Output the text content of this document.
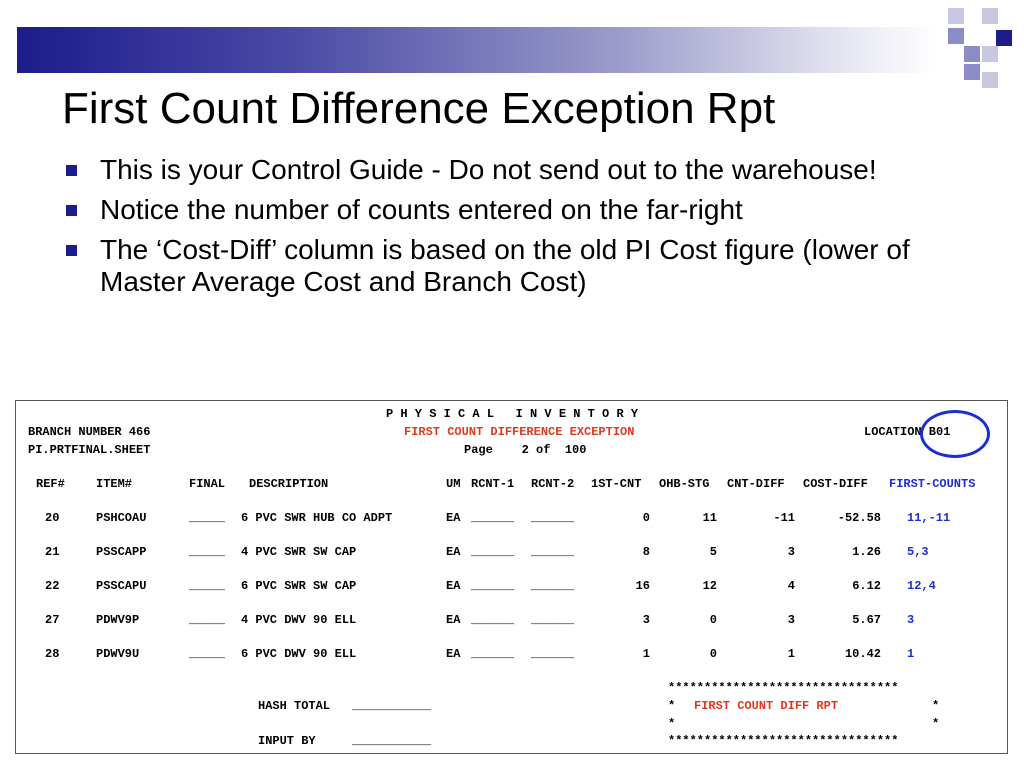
First Count Difference Exception Rpt
This is your Control Guide - Do not send out to the warehouse!
Notice the number of counts entered on the far-right
The ‘Cost-Diff’ column is based on the old PI Cost figure (lower of Master Average Cost and Branch Cost)
P H Y S I C A L   I N V E N T O R Y
BRANCH NUMBER 466	FIRST COUNT DIFFERENCE EXCEPTION	LOCATION B01
PI.PRTFINAL.SHEET	Page    2 of  100
REF#	ITEM#	FINAL DESCRIPTION	UM RCNT-1 RCNT-2 1ST-CNT OHB-STG CNT-DIFF COST-DIFF FIRST-COUNTS
20	PSHCOAU	_____ 6 PVC SWR HUB CO ADPT	EA ______ ______	0	11	-11	-52.58 11,-11
21	PSSCAPP	_____ 4 PVC SWR SW CAP	EA ______ ______	8	5	3	1.26 5,3
22	PSSCAPU	_____ 6 PVC SWR SW CAP	EA ______ ______	16	12	4	6.12 12,4
27	PDWV9P	_____ 4 PVC DWV 90 ELL	EA ______ ______	3	0	3	5.67 3
28	PDWV9U	_____ 6 PVC DWV 90 ELL	EA ______ ______	1	0	1	10.42 1
********************************
HASH TOTAL ___________	* FIRST COUNT DIFF RPT	*
*	*
INPUT BY	___________	********************************
